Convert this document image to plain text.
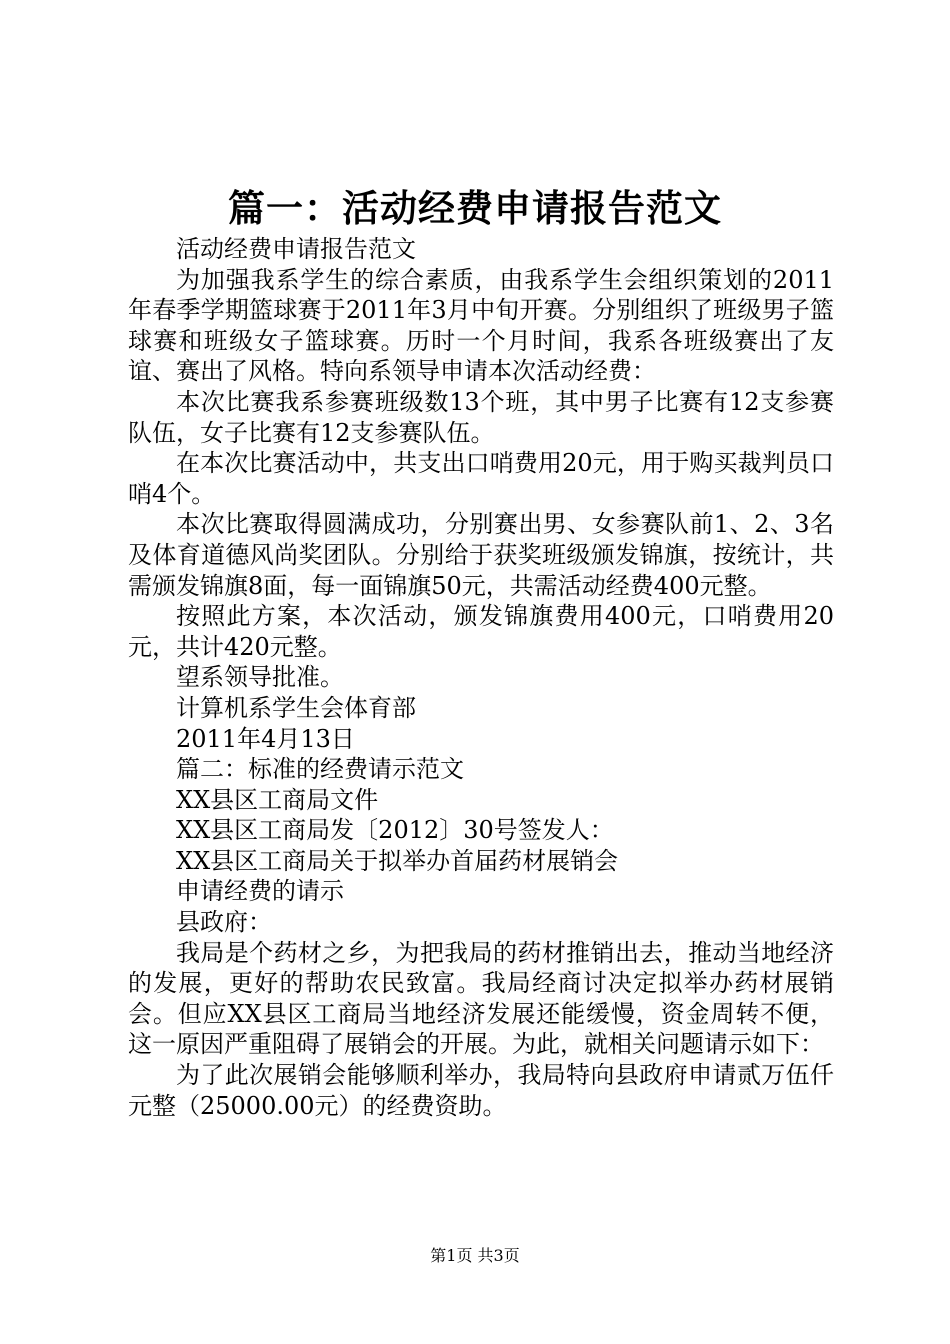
篇一：活动经费申请报告范文

活动经费申请报告范文

为加强我系学生的综合素质，由我系学生会组织策划的2011年春季学期篮球赛于2011年3月中旬开赛。分别组织了班级男子篮球赛和班级女子篮球赛。历时一个月时间，我系各班级赛出了友谊、赛出了风格。特向系领导申请本次活动经费：

本次比赛我系参赛班级数13个班，其中男子比赛有12支参赛队伍，女子比赛有12支参赛队伍。

在本次比赛活动中，共支出口哨费用20元，用于购买裁判员口哨4个。

本次比赛取得圆满成功，分别赛出男、女参赛队前1、2、3名及体育道德风尚奖团队。分别给于获奖班级颁发锦旗，按统计，共需颁发锦旗8面，每一面锦旗50元，共需活动经费400元整。

按照此方案，本次活动，颁发锦旗费用400元，口哨费用20元，共计420元整。

望系领导批准。

计算机系学生会体育部

2011年4月13日

篇二：标准的经费请示范文

XX县区工商局文件

XX县区工商局发〔2012〕30号签发人：

XX县区工商局关于拟举办首届药材展销会

申请经费的请示

县政府：

我局是个药材之乡，为把我局的药材推销出去，推动当地经济的发展，更好的帮助农民致富。我局经商讨决定拟举办药材展销会。但应XX县区工商局当地经济发展还能缓慢，资金周转不便，这一原因严重阻碍了展销会的开展。为此，就相关问题请示如下：

为了此次展销会能够顺利举办，我局特向县政府申请贰万伍仟元整（25000.00元）的经费资助。

第1页 共3页
